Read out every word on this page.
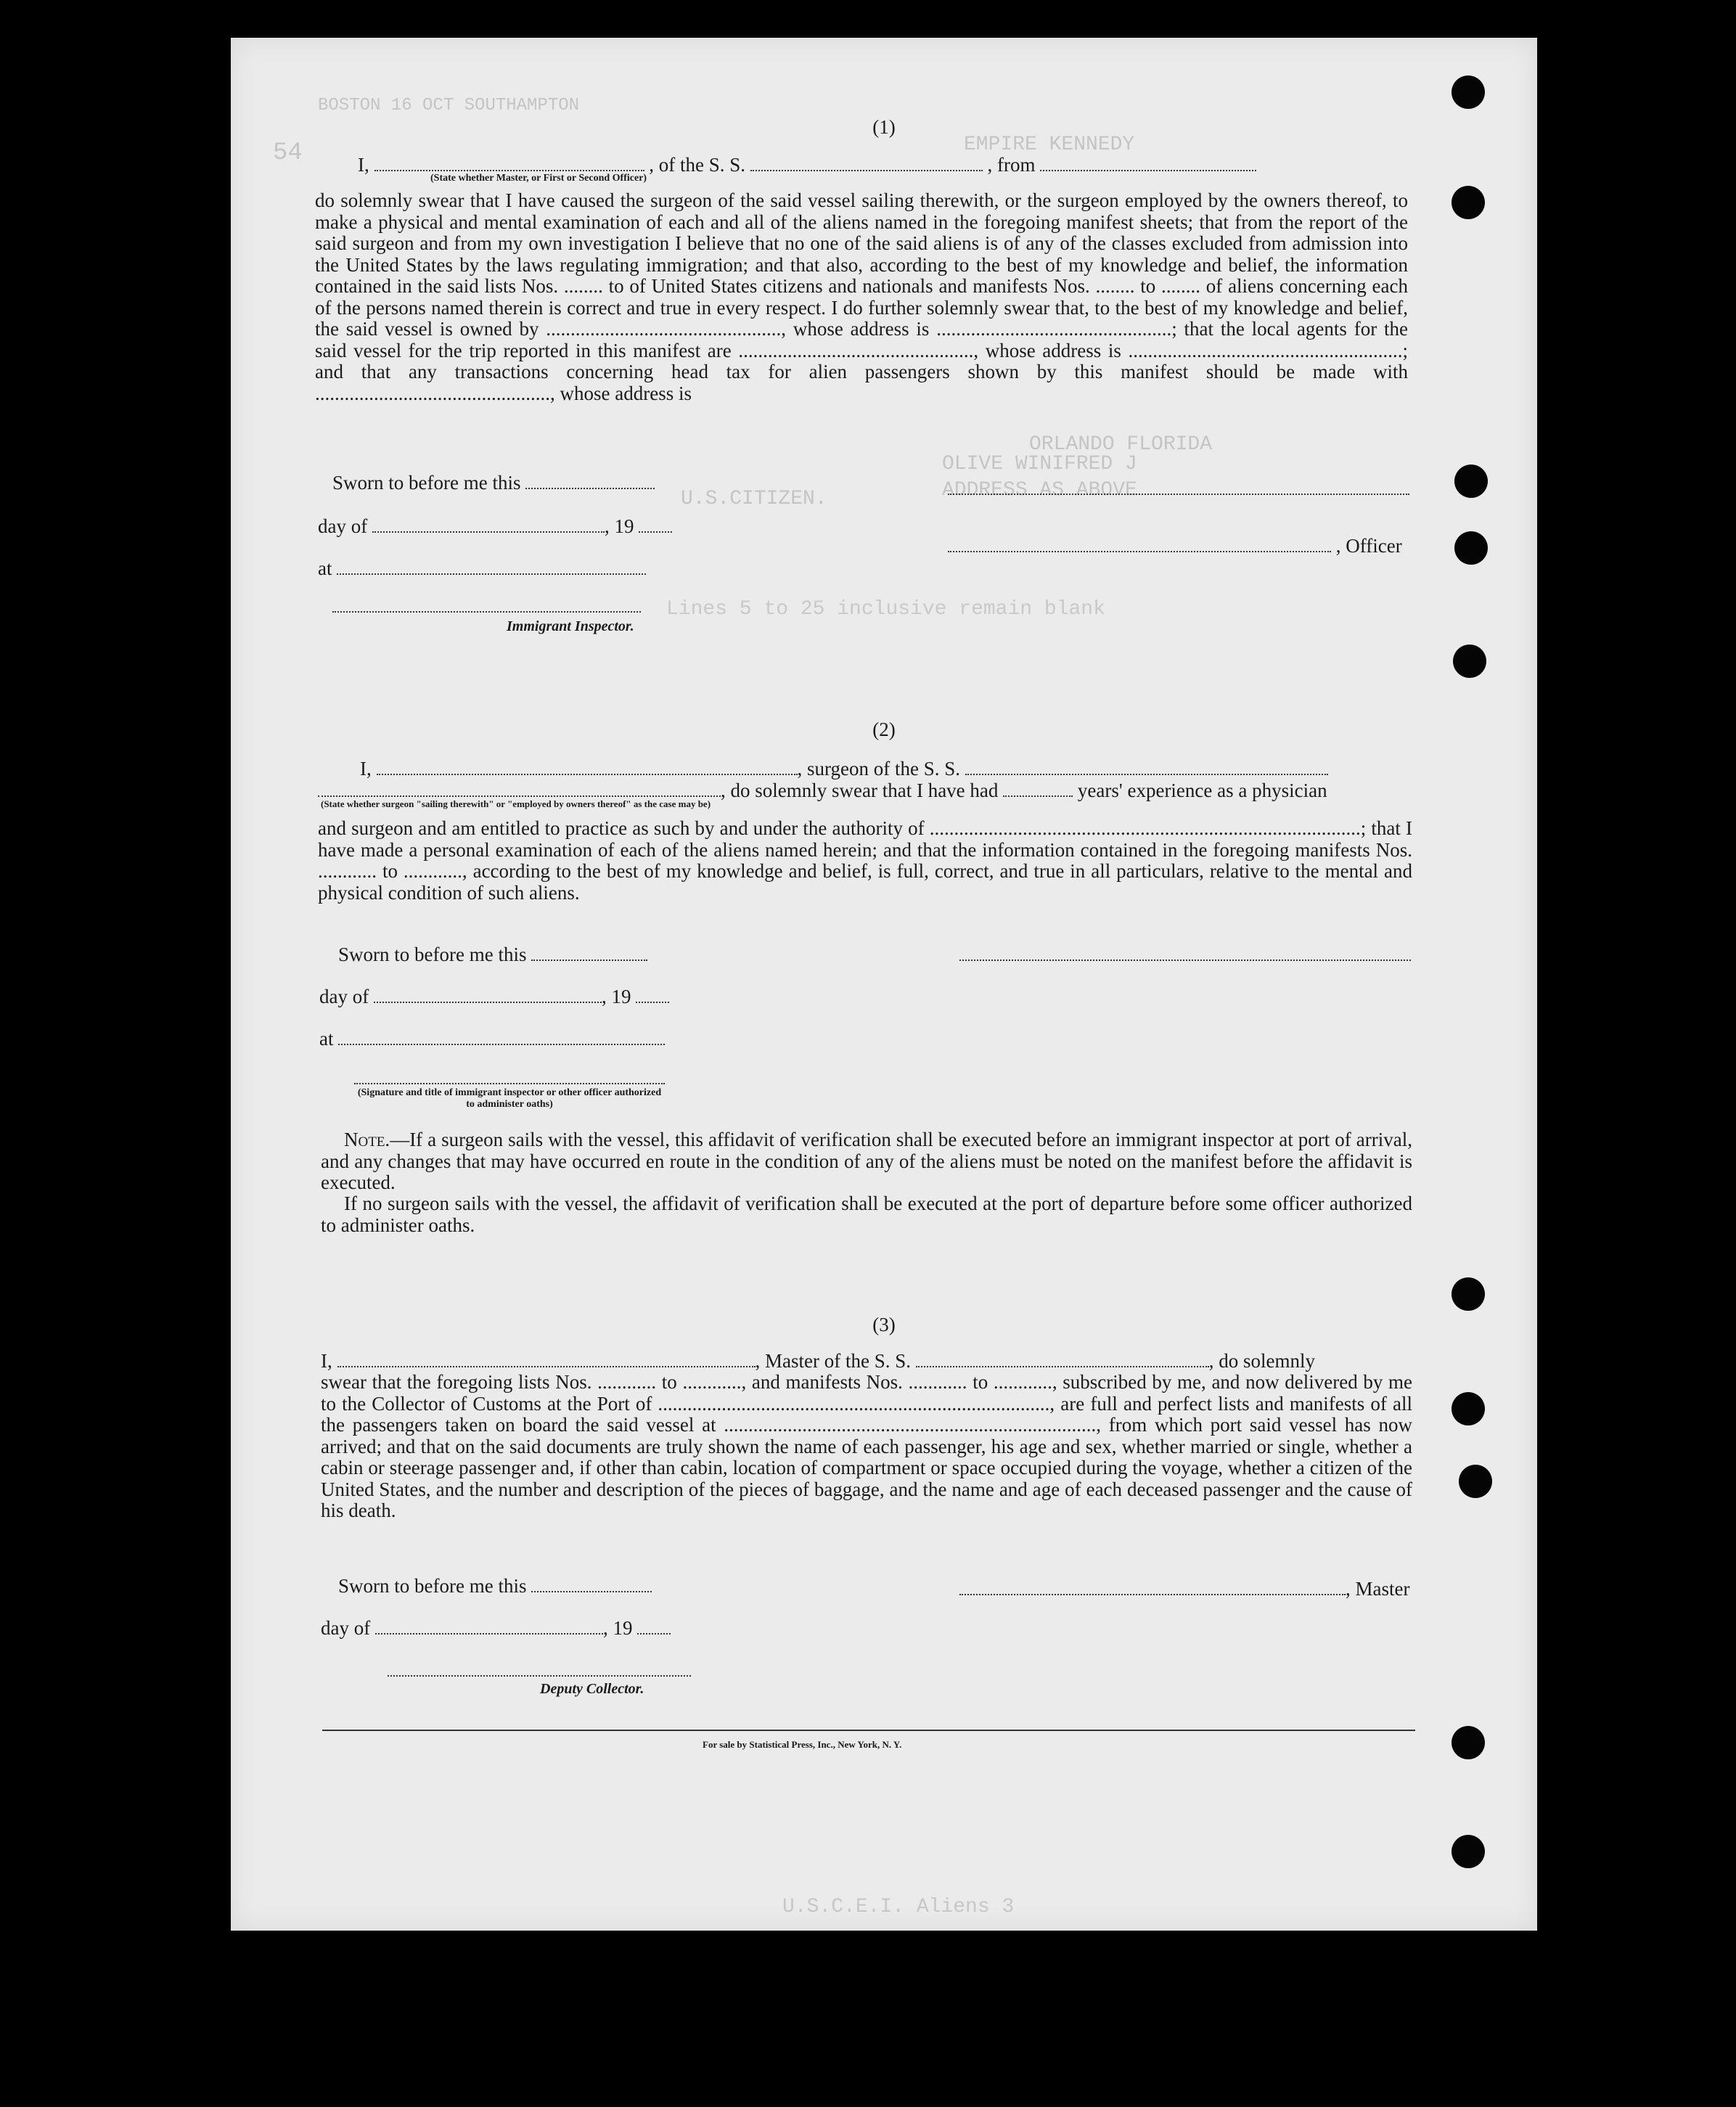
EMPIRE KENNEDY
BOSTON 16 OCT SOUTHAMPTON
OLIVE WINIFRED J
ORLANDO FLORIDA
ADDRESS AS ABOVE
U.S.CITIZEN.
Lines 5 to 25 inclusive remain blank
U.S.C.E.I. Aliens 3
54
(1)
I,	, of the S. S.	, from
(State whether Master, or First or Second Officer)
do solemnly swear that I have caused the surgeon of the said vessel sailing therewith, or the surgeon employed by the owners thereof, to make a physical and mental examination of each and all of the aliens named in the foregoing manifest sheets; that from the report of the said surgeon and from my own investigation I believe that no one of the said aliens is of any of the classes excluded from admission into the United States by the laws regulating immigration; and that also, according to the best of my knowledge and belief, the information contained in the said lists Nos. ........ to of United States citizens and nationals and manifests Nos. ........ to ........ of aliens concerning each of the persons named therein is correct and true in every respect. I do further solemnly swear that, to the best of my knowledge and belief, the said vessel is owned by ................................................, whose address is ................................................; that the local agents for the said vessel for the trip reported in this manifest are ................................................, whose address is ........................................................; and that any transactions concerning head tax for alien passengers shown by this manifest should be made with ................................................, whose address is
Sworn to before me this
day of	, 19
at
Immigrant Inspector.
, Officer
(2)
I,	, surgeon of the S. S.
, do solemnly swear that I have had	years' experience as a physician
(State whether surgeon "sailing therewith" or "employed by owners thereof" as the case may be)
and surgeon and am entitled to practice as such by and under the authority of ........................................................................................; that I have made a personal examination of each of the aliens named herein; and that the information contained in the foregoing manifests Nos. ............ to ............, according to the best of my knowledge and belief, is full, correct, and true in all particulars, relative to the mental and physical condition of such aliens.
Sworn to before me this
day of	, 19
at
(Signature and title of immigrant inspector or other officer authorized to administer oaths)
Note.—If a surgeon sails with the vessel, this affidavit of verification shall be executed before an immigrant inspector at port of arrival, and any changes that may have occurred en route in the condition of any of the aliens must be noted on the manifest before the affidavit is executed.
If no surgeon sails with the vessel, the affidavit of verification shall be executed at the port of departure before some officer authorized to administer oaths.
(3)
I,	, Master of the S. S.	, do solemnly
swear that the foregoing lists Nos. ............ to ............, and manifests Nos. ............ to ............, subscribed by me, and now delivered by me to the Collector of Customs at the Port of ................................................................................, are full and perfect lists and manifests of all the passengers taken on board the said vessel at ............................................................................, from which port said vessel has now arrived; and that on the said documents are truly shown the name of each passenger, his age and sex, whether married or single, whether a cabin or steerage passenger and, if other than cabin, location of compartment or space occupied during the voyage, whether a citizen of the United States, and the number and description of the pieces of baggage, and the name and age of each deceased passenger and the cause of his death.
Sworn to before me this	, Master
day of	, 19
Deputy Collector.
For sale by Statistical Press, Inc., New York, N. Y.
